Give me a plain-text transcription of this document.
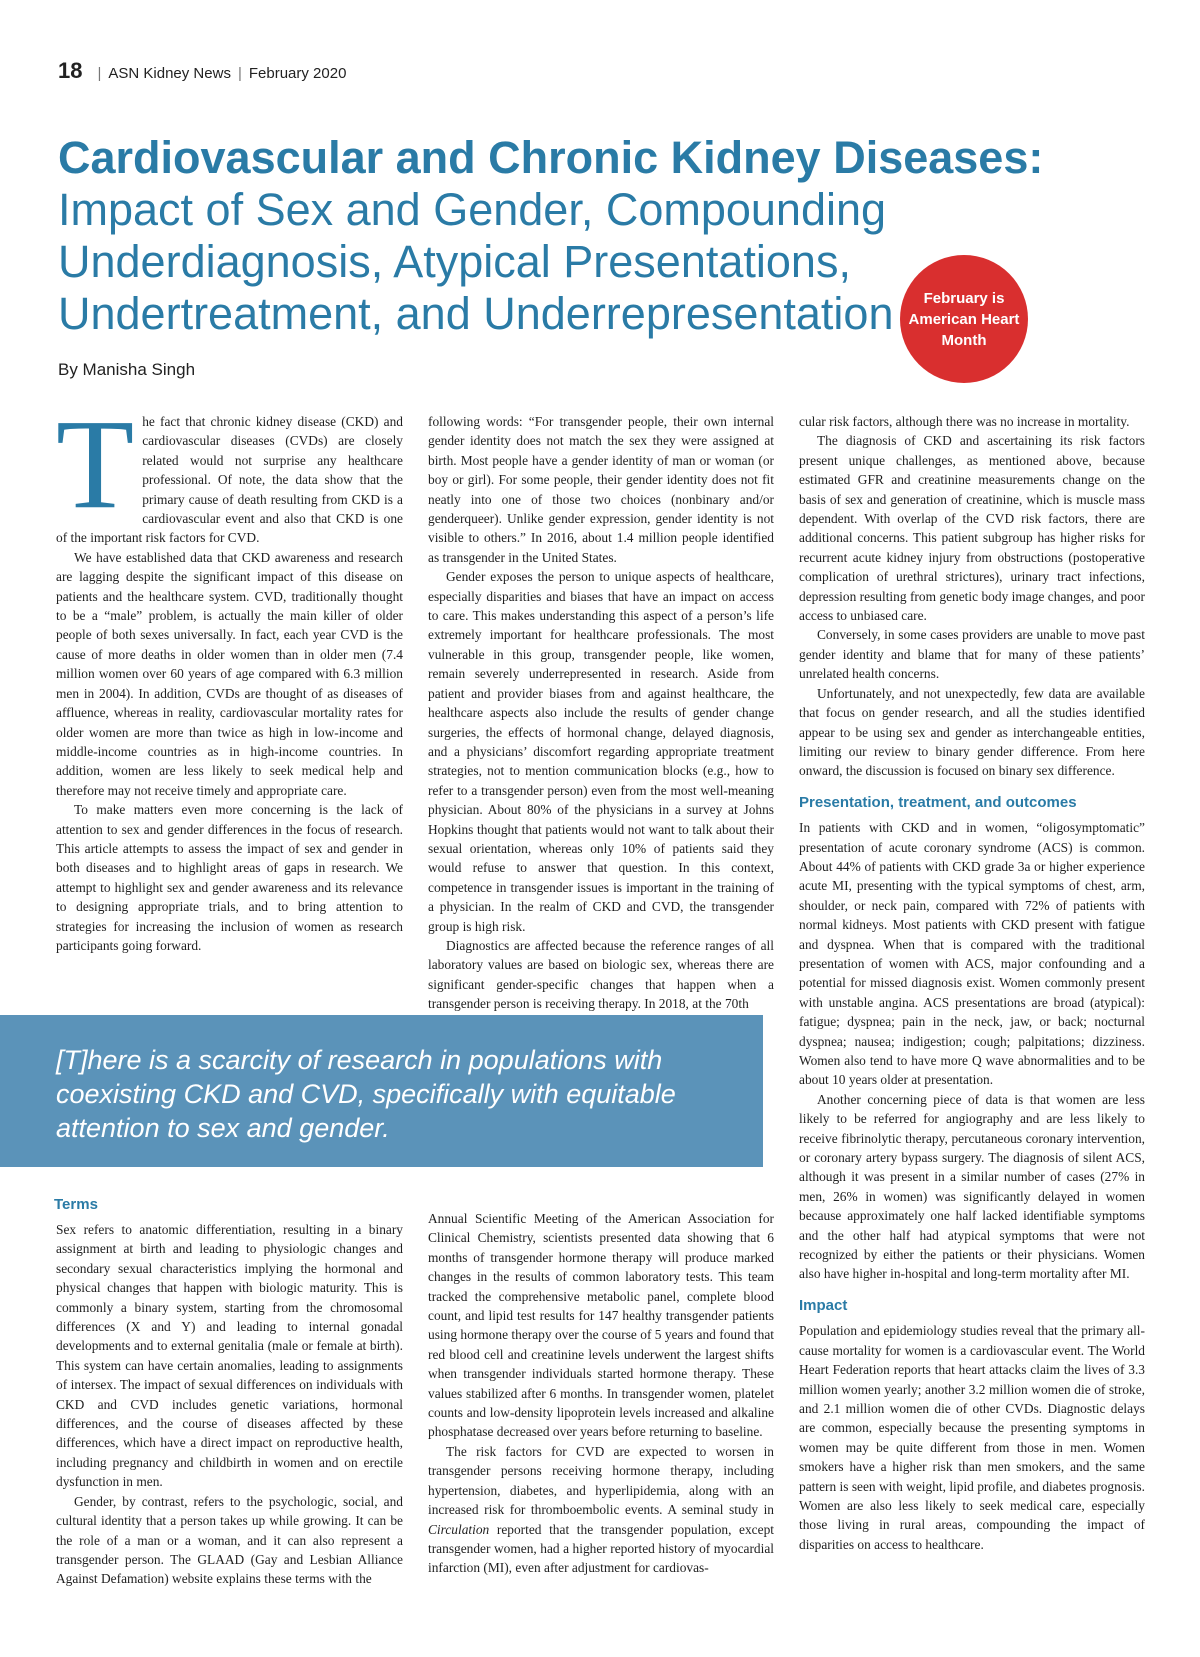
18 | ASN Kidney News | February 2020
Cardiovascular and Chronic Kidney Diseases: Impact of Sex and Gender, Compounding Underdiagnosis, Atypical Presentations, Undertreatment, and Underrepresentation	February is
American Heart
Month
By Manisha Singh

The fact that chronic kidney disease (CKD) and cardiovascular diseases (CVDs) are closely related would not surprise any healthcare professional. Of note, the data show that the primary cause of death resulting from CKD is a cardiovascular event and also that CKD is one of the important risk factors for CVD.

We have established data that CKD awareness and research are lagging despite the significant impact of this disease on patients and the healthcare system. CVD, traditionally thought to be a “male” problem, is actually the main killer of older people of both sexes universally. In fact, each year CVD is the cause of more deaths in older women than in older men (7.4 million women over 60 years of age compared with 6.3 million men in 2004). In addition, CVDs are thought of as diseases of affluence, whereas in reality, cardiovascular mortality rates for older women are more than twice as high in low-income and middle-income countries as in high-income countries. In addition, women are less likely to seek medical help and therefore may not receive timely and appropriate care.

To make matters even more concerning is the lack of attention to sex and gender differences in the focus of research. This article attempts to assess the impact of sex and gender in both diseases and to highlight areas of gaps in research. We attempt to highlight sex and gender awareness and its relevance to designing appropriate trials, and to bring attention to strategies for increasing the inclusion of women as research participants going forward.

following words: “For transgender people, their own internal gender identity does not match the sex they were assigned at birth. Most people have a gender identity of man or woman (or boy or girl). For some people, their gender identity does not fit neatly into one of those two choices (nonbinary and/or genderqueer). Unlike gender expression, gender identity is not visible to others.” In 2016, about 1.4 million people identified as transgender in the United States.

Gender exposes the person to unique aspects of healthcare, especially disparities and biases that have an impact on access to care. This makes understanding this aspect of a person’s life extremely important for healthcare professionals. The most vulnerable in this group, transgender people, like women, remain severely underrepresented in research. Aside from patient and provider biases from and against healthcare, the healthcare aspects also include the results of gender change surgeries, the effects of hormonal change, delayed diagnosis, and a physicians’ discomfort regarding appropriate treatment strategies, not to mention communication blocks (e.g., how to refer to a transgender person) even from the most well-meaning physician. About 80% of the physicians in a survey at Johns Hopkins thought that patients would not want to talk about their sexual orientation, whereas only 10% of patients said they would refuse to answer that question. In this context, competence in transgender issues is important in the training of a physician. In the realm of CKD and CVD, the transgender group is high risk.

Diagnostics are affected because the reference ranges of all laboratory values are based on biologic sex, whereas there are significant gender-specific changes that happen when a transgender person is receiving therapy. In 2018, at the 70th

cular risk factors, although there was no increase in mortality.

The diagnosis of CKD and ascertaining its risk factors present unique challenges, as mentioned above, because estimated GFR and creatinine measurements change on the basis of sex and generation of creatinine, which is muscle mass dependent. With overlap of the CVD risk factors, there are additional concerns. This patient subgroup has higher risks for recurrent acute kidney injury from obstructions (postoperative complication of urethral strictures), urinary tract infections, depression resulting from genetic body image changes, and poor access to unbiased care.

Conversely, in some cases providers are unable to move past gender identity and blame that for many of these patients’ unrelated health concerns.

Unfortunately, and not unexpectedly, few data are available that focus on gender research, and all the studies identified appear to be using sex and gender as interchangeable entities, limiting our review to binary gender difference. From here onward, the discussion is focused on binary sex difference.

Presentation, treatment, and outcomes

In patients with CKD and in women, “oligosymptomatic” presentation of acute coronary syndrome (ACS) is common. About 44% of patients with CKD grade 3a or higher experience acute MI, presenting with the typical symptoms of chest, arm, shoulder, or neck pain, compared with 72% of patients with normal kidneys. Most patients with CKD present with fatigue and dyspnea. When that is compared with the traditional presentation of women with ACS, major confounding and a potential for missed diagnosis exist. Women commonly present with unstable angina. ACS presentations are broad (atypical): fatigue; dyspnea; pain in the neck, jaw, or back; nocturnal dyspnea; nausea; indigestion; cough; palpitations; dizziness. Women also tend to have more Q wave abnormalities and to be about 10 years older at presentation.

Another concerning piece of data is that women are less likely to be referred for angiography and are less likely to receive fibrinolytic therapy, percutaneous coronary intervention, or coronary artery bypass surgery. The diagnosis of silent ACS, although it was present in a similar number of cases (27% in men, 26% in women) was significantly delayed in women because approximately one half lacked identifiable symptoms and the other half had atypical symptoms that were not recognized by either the patients or their physicians. Women also have higher in-hospital and long-term mortality after MI.

Impact

Population and epidemiology studies reveal that the primary all-cause mortality for women is a cardiovascular event. The World Heart Federation reports that heart attacks claim the lives of 3.3 million women yearly; another 3.2 million women die of stroke, and 2.1 million women die of other CVDs. Diagnostic delays are common, especially because the presenting symptoms in women may be quite different from those in men. Women smokers have a higher risk than men smokers, and the same pattern is seen with weight, lipid profile, and diabetes prognosis. Women are also less likely to seek medical care, especially those living in rural areas, compounding the impact of disparities on access to healthcare.

[T]here is a scarcity of research in populations with coexisting CKD and CVD, specifically with equitable attention to sex and gender.
Terms

Sex refers to anatomic differentiation, resulting in a binary assignment at birth and leading to physiologic changes and secondary sexual characteristics implying the hormonal and physical changes that happen with biologic maturity. This is commonly a binary system, starting from the chromosomal differences (X and Y) and leading to internal gonadal developments and to external genitalia (male or female at birth). This system can have certain anomalies, leading to assignments of intersex. The impact of sexual differences on individuals with CKD and CVD includes genetic variations, hormonal differences, and the course of diseases affected by these differences, which have a direct impact on reproductive health, including pregnancy and childbirth in women and on erectile dysfunction in men.

Gender, by contrast, refers to the psychologic, social, and cultural identity that a person takes up while growing. It can be the role of a man or a woman, and it can also represent a transgender person. The GLAAD (Gay and Lesbian Alliance Against Defamation) website explains these terms with the

Annual Scientific Meeting of the American Association for Clinical Chemistry, scientists presented data showing that 6 months of transgender hormone therapy will produce marked changes in the results of common laboratory tests. This team tracked the comprehensive metabolic panel, complete blood count, and lipid test results for 147 healthy transgender patients using hormone therapy over the course of 5 years and found that red blood cell and creatinine levels underwent the largest shifts when transgender individuals started hormone therapy. These values stabilized after 6 months. In transgender women, platelet counts and low-density lipoprotein levels increased and alkaline phosphatase decreased over years before returning to baseline.

The risk factors for CVD are expected to worsen in transgender persons receiving hormone therapy, including hypertension, diabetes, and hyperlipidemia, along with an increased risk for thromboembolic events. A seminal study in Circulation reported that the transgender population, except transgender women, had a higher reported history of myocardial infarction (MI), even after adjustment for cardiovas-
